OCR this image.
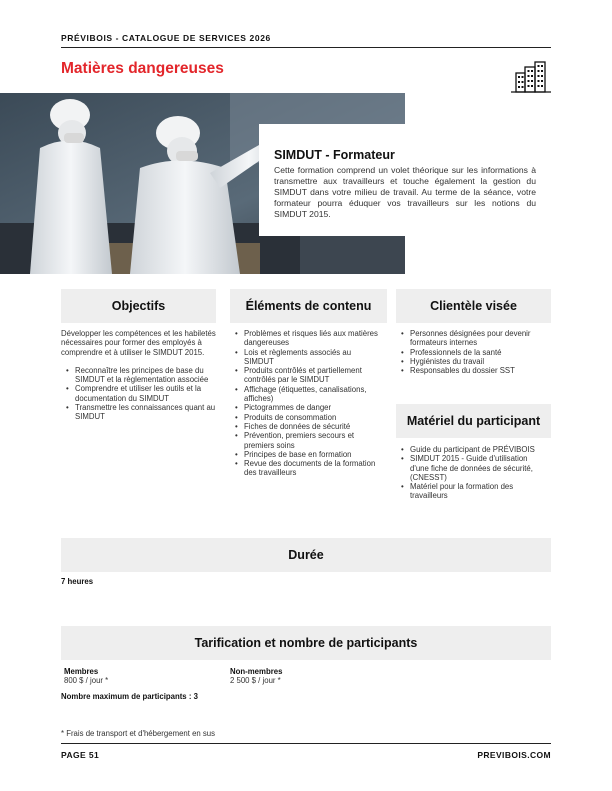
PRÉVIBOIS - CATALOGUE DE SERVICES 2026
Matières dangereuses
SIMDUT - Formateur
Cette formation comprend un volet théorique sur les informations à transmettre aux travailleurs et touche également la gestion du SIMDUT dans votre milieu de travail. Au terme de la séance, votre formateur pourra éduquer vos travailleurs sur les notions du SIMDUT 2015.
Objectifs
Développer les compétences et les habiletés nécessaires pour former des employés à comprendre et à utiliser le SIMDUT 2015.
• Reconnaître les principes de base du SIMDUT et la règlementation associée
• Comprendre et utiliser les outils et la documentation du SIMDUT
• Transmettre les connaissances quant au SIMDUT
Éléments de contenu
• Problèmes et risques liés aux matières dangereuses
• Lois et règlements associés au SIMDUT
• Produits contrôlés et partiellement contrôlés par le SIMDUT
• Affichage (étiquettes, canalisations, affiches)
• Pictogrammes de danger
• Produits de consommation
• Fiches de données de sécurité
• Prévention, premiers secours et premiers soins
• Principes de base en formation
• Revue des documents de la formation des travailleurs
Clientèle visée
• Personnes désignées pour devenir formateurs internes
• Professionnels de la santé
• Hygiénistes du travail
• Responsables du dossier SST
Matériel du participant
• Guide du participant de PRÉVIBOIS
• SIMDUT 2015 - Guide d'utilisation d'une fiche de données de sécurité, (CNESST)
• Matériel pour la formation des travailleurs
Durée
7 heures
Tarification et nombre de participants
Membres
800 $ / jour *
Non-membres
2 500 $ / jour *
Nombre maximum de participants : 3
* Frais de transport et d'hébergement en sus
PAGE 51	PREVIBOIS.COM
